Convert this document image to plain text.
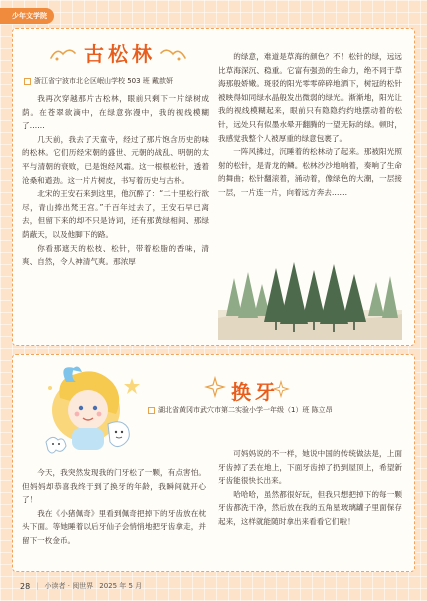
少年文学院
古松林
浙江省宁波市北仑区岷山学校 503 班 戴歆妍

我再次穿越那片古松林，眼前只剩下一片绿树成荫。在苍翠欲滴中，在绿意弥漫中，我的视线模糊了……

几天前，我去了天童寺，经过了那片饱含历史韵味的松林。它们历经宋朝的盛世、元朝的战乱、明朝的太平与清朝的衰败，已是饱经风霜。这一根根松针，透着沧桑和遒劲。这一片片树皮，书写着历史与古朴。

北宋的王安石来到这里，他沉醉了：“二十里松行欲尽，青山捧出梵王宫。”千百年过去了，王安石早已离去，但留下来的却不只是诗词，还有那黄绿相间、那绿荫蔽天，以及他脚下的路。

你看那遮天的松枝、松针，带着松脂的香味，清爽、自然，令人神清气爽。那浓厚

的绿意，难道是草海的颜色？不！松针的绿，远远比草海深沉、稳重。它富有强劲的生命力，绝不同于草海那般娇嫩。斑驳的阳光零零碎碎地洒下，树冠的松针被映得如同绿水晶般发出微弱的绿光。渐渐地，阳光让我的视线模糊起来，眼前只有隐隐约约地摆动着的松针，远处只有似墨水晕开翻腾的一望无际的绿。顿时，我感觉我整个人被厚重的绿意包裹了。

一阵风拂过，沉睡着的松林动了起来。那被阳光照射的松针，是青龙的鳞。松林沙沙地响着，奏响了生命的舞曲；松针翻滚着，涌动着，像绿色的大潮，一层接一层，一片连一片，向着远方奔去……

换牙
湖北省黄冈市武穴市第二实验小学一年级（1）班 陈立昂

今天，我突然发现我的门牙松了一颗，有点害怕。但妈妈却恭喜我终于到了换牙的年龄，我瞬间就开心了！

我在《小猪佩奇》里看到佩奇把掉下的牙齿放在枕头下面。等她睡着以后牙仙子会悄悄地把牙齿拿走，并留下一枚金币。

可妈妈说的不一样，她说中国的传统做法是，上面牙齿掉了丢在地上，下面牙齿掉了扔到屋顶上，希望新牙齿能很快长出来。

哈哈哈，虽然都很好玩，但我只想把掉下的每一颗牙齿都洗干净，然后放在我的五角星玻璃罐子里面保存起来，这样就能随时拿出来看看它们啦！

28 | 小读者 · 阅世界 2025 年 5 月
